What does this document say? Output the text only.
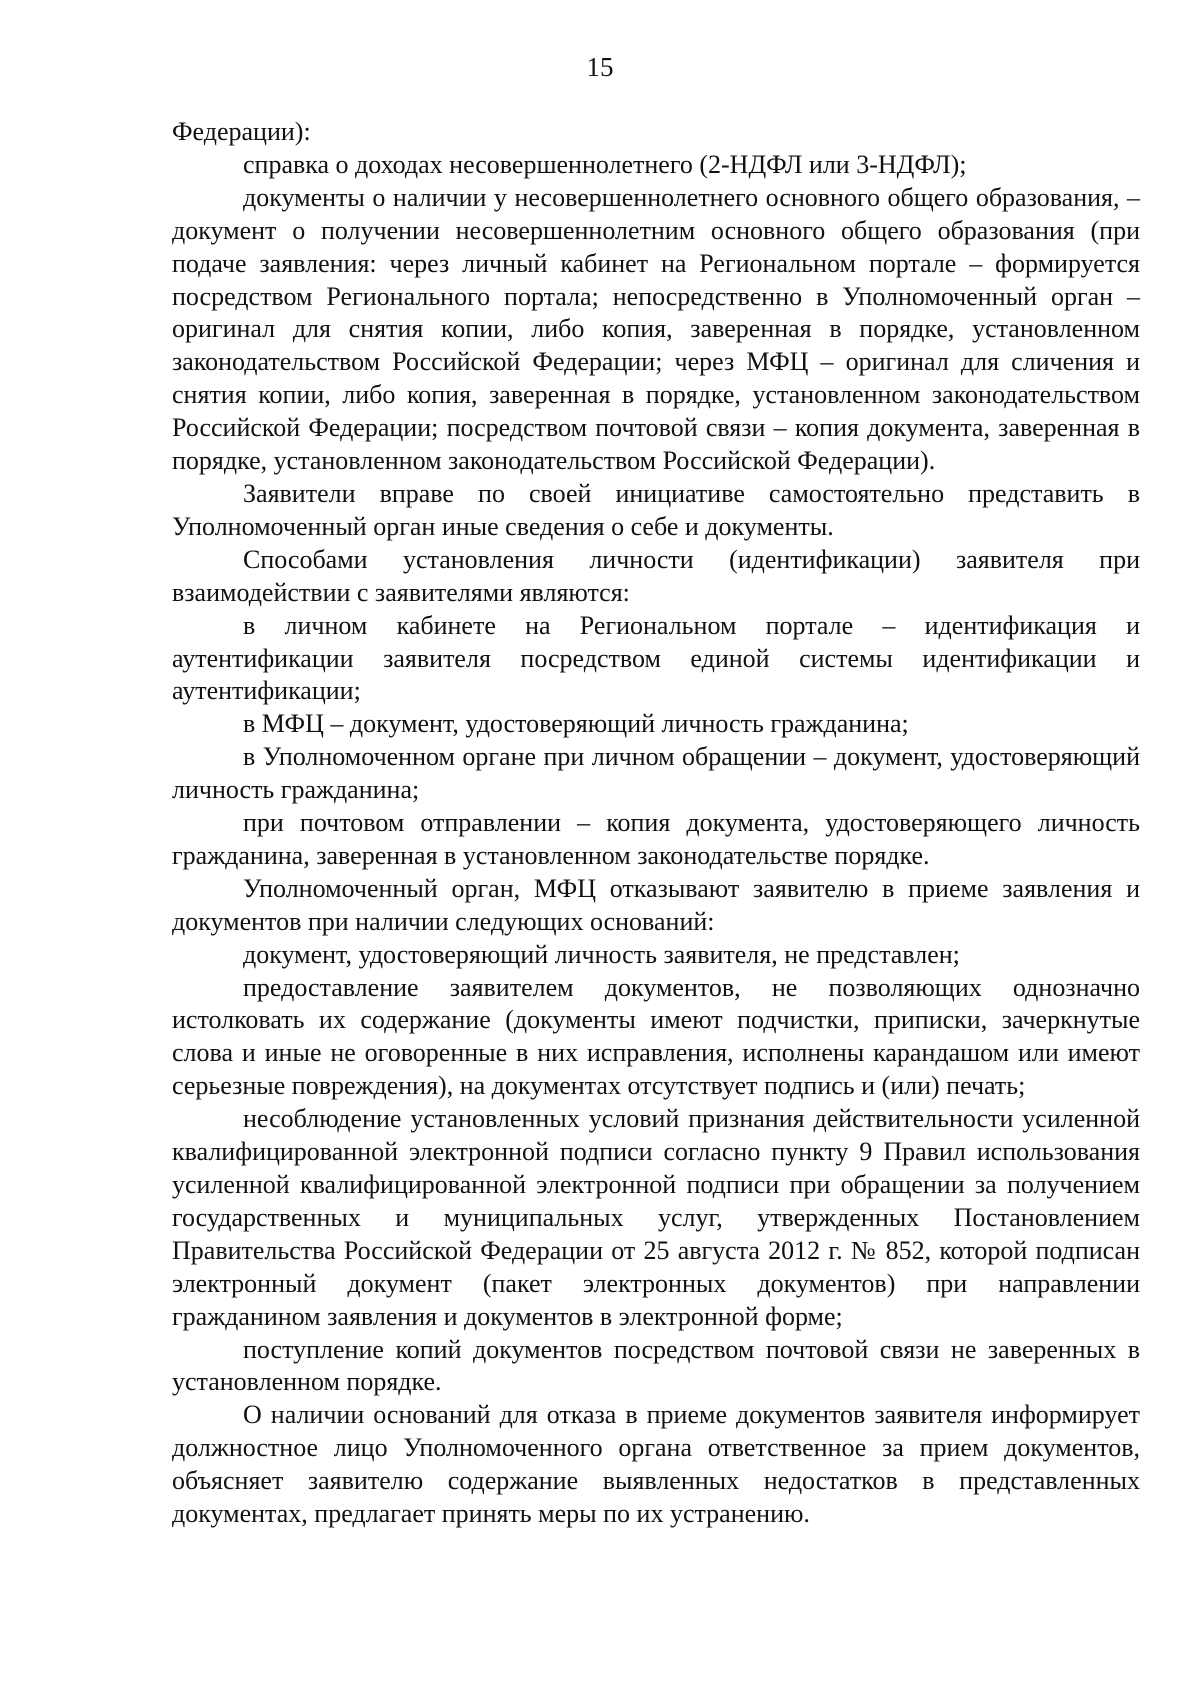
15

Федерации):

справка о доходах несовершеннолетнего (2-НДФЛ или 3-НДФЛ);

документы о наличии у несовершеннолетнего основного общего образования, – документ о получении несовершеннолетним основного общего образования (при подаче заявления: через личный кабинет на Региональном портале – формируется посредством Регионального портала; непосредственно в Уполномоченный орган – оригинал для снятия копии, либо копия, заверенная в порядке, установленном законодательством Российской Федерации; через МФЦ – оригинал для сличения и снятия копии, либо копия, заверенная в порядке, установленном законодательством Российской Федерации; посредством почтовой связи – копия документа, заверенная в порядке, установленном законодательством Российской Федерации).

Заявители вправе по своей инициативе самостоятельно представить в Уполномоченный орган иные сведения о себе и документы.

Способами установления личности (идентификации) заявителя при взаимодействии с заявителями являются:

в личном кабинете на Региональном портале – идентификация и аутентификации заявителя посредством единой системы идентификации и аутентификации;

в МФЦ – документ, удостоверяющий личность гражданина;

в Уполномоченном органе при личном обращении – документ, удостоверяющий личность гражданина;

при почтовом отправлении – копия документа, удостоверяющего личность гражданина, заверенная в установленном законодательстве порядке.

Уполномоченный орган, МФЦ отказывают заявителю в приеме заявления и документов при наличии следующих оснований:

документ, удостоверяющий личность заявителя, не представлен;

предоставление заявителем документов, не позволяющих однозначно истолковать их содержание (документы имеют подчистки, приписки, зачеркнутые слова и иные не оговоренные в них исправления, исполнены карандашом или имеют серьезные повреждения), на документах отсутствует подпись и (или) печать;

несоблюдение установленных условий признания действительности усиленной квалифицированной электронной подписи согласно пункту 9 Правил использования усиленной квалифицированной электронной подписи при обращении за получением государственных и муниципальных услуг, утвержденных Постановлением Правительства Российской Федерации от 25 августа 2012 г. № 852, которой подписан электронный документ (пакет электронных документов) при направлении гражданином заявления и документов в электронной форме;

поступление копий документов посредством почтовой связи не заверенных в установленном порядке.

О наличии оснований для отказа в приеме документов заявителя информирует должностное лицо Уполномоченного органа ответственное за прием документов, объясняет заявителю содержание выявленных недостатков в представленных документах, предлагает принять меры по их устранению.
